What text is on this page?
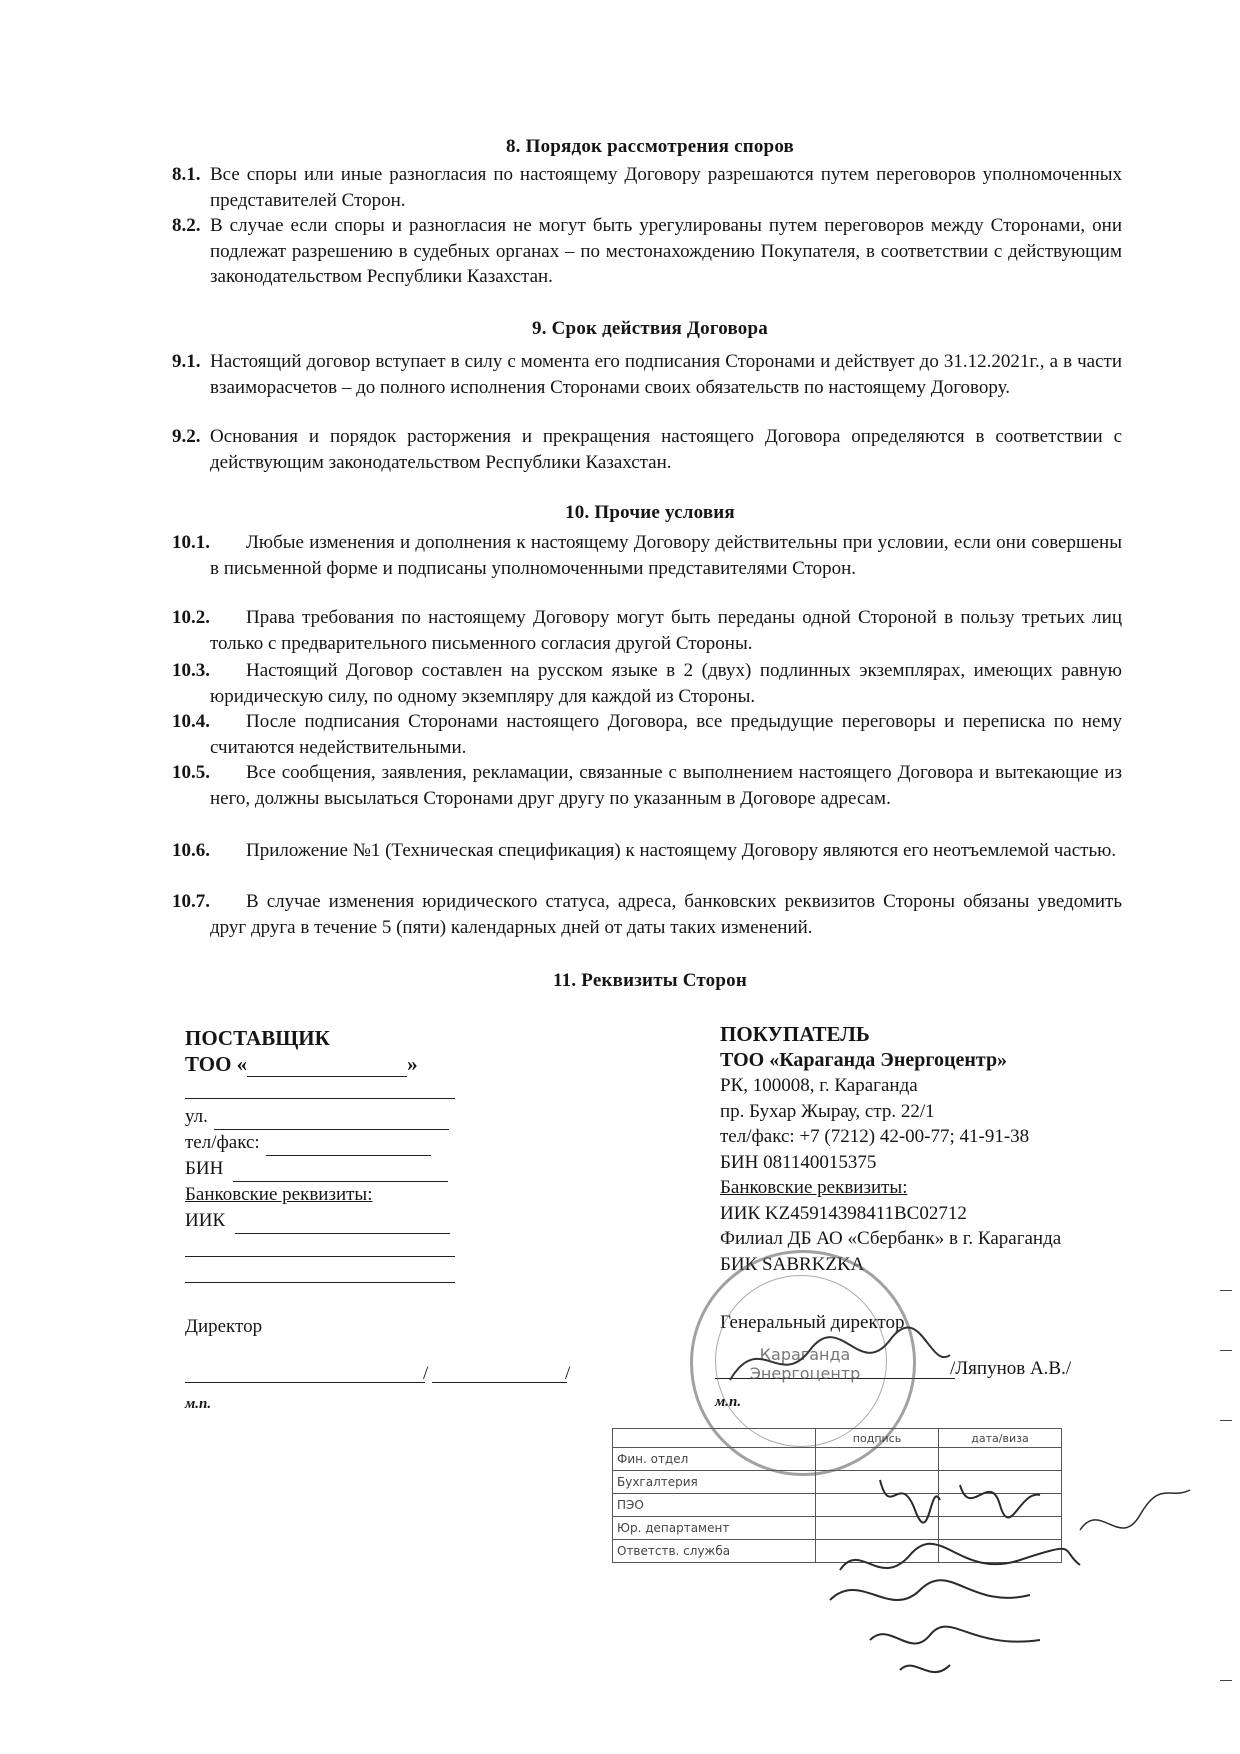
8. Порядок рассмотрения споров
8.1. Все споры или иные разногласия по настоящему Договору разрешаются путем переговоров уполномоченных представителей Сторон.
8.2. В случае если споры и разногласия не могут быть урегулированы путем переговоров между Сторонами, они подлежат разрешению в судебных органах – по местонахождению Покупателя, в соответствии с действующим законодательством Республики Казахстан.
9. Срок действия Договора
9.1. Настоящий договор вступает в силу с момента его подписания Сторонами и действует до 31.12.2021г., а в части взаиморасчетов – до полного исполнения Сторонами своих обязательств по настоящему Договору.
9.2. Основания и порядок расторжения и прекращения настоящего Договора определяются в соответствии с действующим законодательством Республики Казахстан.
10. Прочие условия
10.1.	Любые изменения и дополнения к настоящему Договору действительны при условии, если они совершены в письменной форме и подписаны уполномоченными представителями Сторон.
10.2.	Права требования по настоящему Договору могут быть переданы одной Стороной в пользу третьих лиц только с предварительного письменного согласия другой Стороны.
10.3.	Настоящий Договор составлен на русском языке в 2 (двух) подлинных экземплярах, имеющих равную юридическую силу, по одному экземпляру для каждой из Стороны.
10.4.	После подписания Сторонами настоящего Договора, все предыдущие переговоры и переписка по нему считаются недействительными.
10.5.	Все сообщения, заявления, рекламации, связанные с выполнением настоящего Договора и вытекающие из него, должны высылаться Сторонами друг другу по указанным в Договоре адресам.
10.6.	Приложение №1 (Техническая спецификация) к настоящему Договору являются его неотъемлемой частью.
10.7.	В случае изменения юридического статуса, адреса, банковских реквизитов Стороны обязаны уведомить друг друга в течение 5 (пяти) календарных дней от даты таких изменений.
11. Реквизиты Сторон
ПОСТАВЩИК
ТОО «	»
ул.
тел/факс:
БИН
Банковские реквизиты:
ИИК
Директор
/	/
м.п.
ПОКУПАТЕЛЬ
ТОО «Караганда Энергоцентр»
РК, 100008, г. Караганда
пр. Бухар Жырау, стр. 22/1
тел/факс: +7 (7212) 42-00-77; 41-91-38
БИН 081140015375
Банковские реквизиты:
ИИК KZ45914398411BC02712
Филиал ДБ АО «Сбербанк» в г. Караганда
БИК SABRKZKA
Генеральный директор
/Ляпунов А.В./
м.п.
Караганда Энергоцентр
	подпись	дата/виза
Фин. отдел		
Бухгалтерия		
ПЭО		
Юр. департамент		
Ответств. служба		
